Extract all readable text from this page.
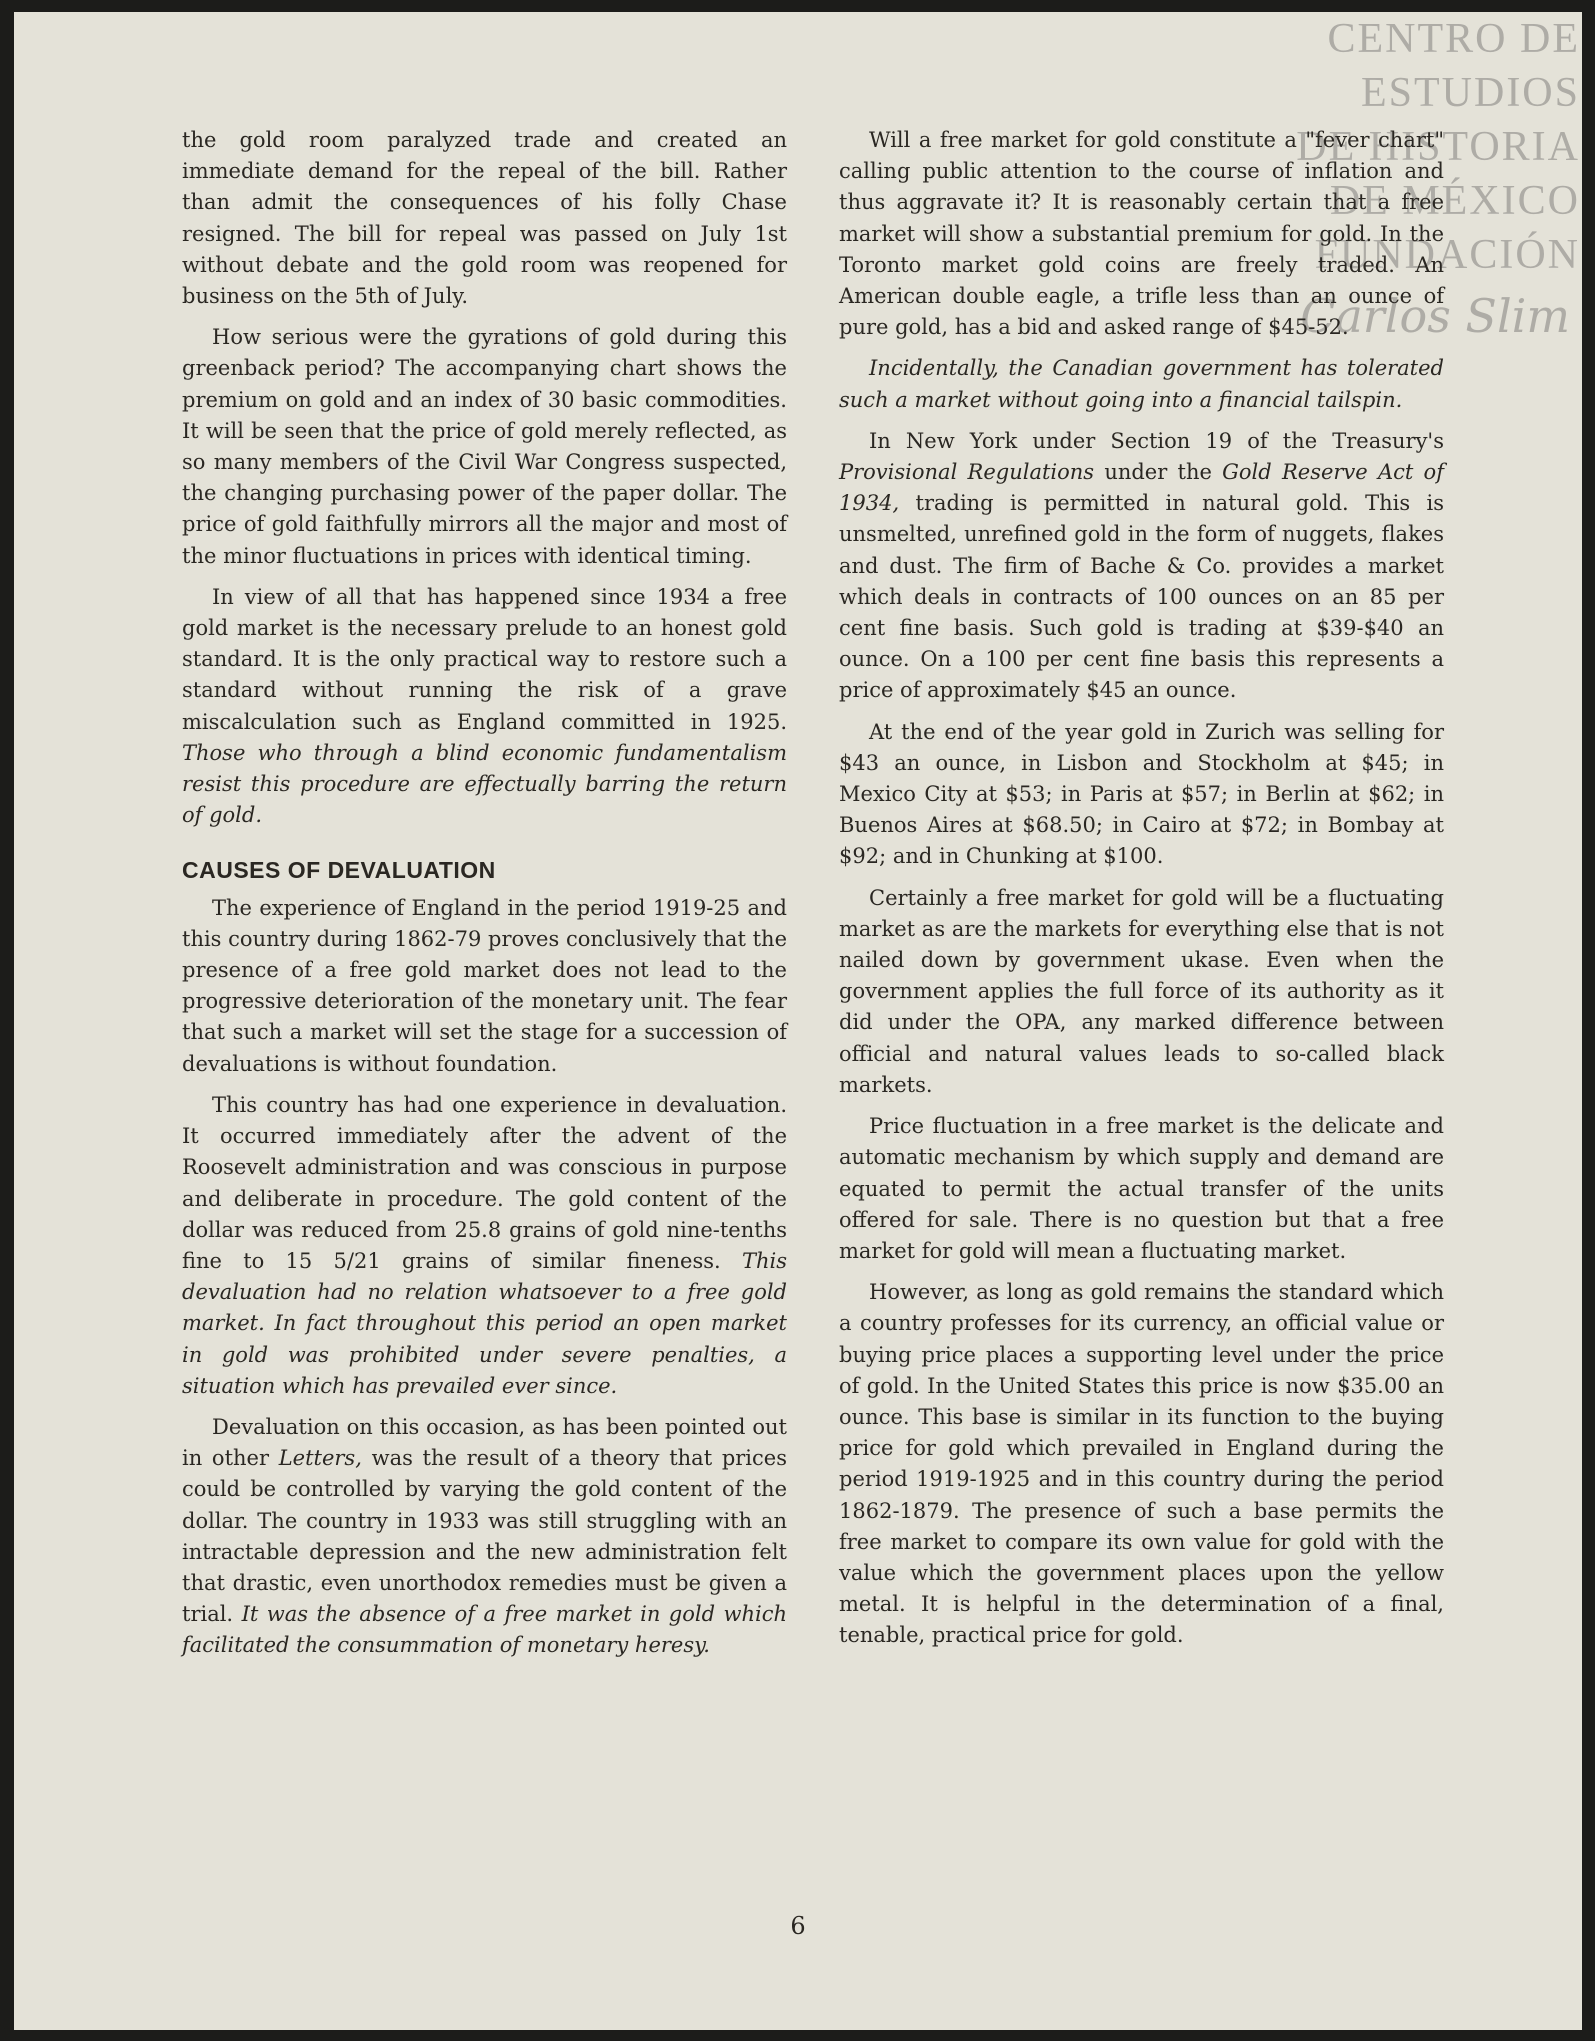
CENTRO DE
ESTUDIOS
DE HISTORIA
DE MÉXICO
FUNDACIÓN
Carlos Slim

the gold room paralyzed trade and created an immediate demand for the repeal of the bill. Rather than admit the consequences of his folly Chase resigned. The bill for repeal was passed on July 1st without debate and the gold room was reopened for business on the 5th of July.

How serious were the gyrations of gold during this greenback period? The accompanying chart shows the premium on gold and an index of 30 basic commodities. It will be seen that the price of gold merely reflected, as so many members of the Civil War Congress suspected, the changing purchasing power of the paper dollar. The price of gold faithfully mirrors all the major and most of the minor fluctuations in prices with identical timing.

In view of all that has happened since 1934 a free gold market is the necessary prelude to an honest gold standard. It is the only practical way to restore such a standard without running the risk of a grave miscalculation such as England committed in 1925. Those who through a blind economic fundamentalism resist this procedure are effectually barring the return of gold.

CAUSES OF DEVALUATION

The experience of England in the period 1919-25 and this country during 1862-79 proves conclusively that the presence of a free gold market does not lead to the progressive deterioration of the monetary unit. The fear that such a market will set the stage for a succession of devaluations is without foundation.

This country has had one experience in devaluation. It occurred immediately after the advent of the Roosevelt administration and was conscious in purpose and deliberate in procedure. The gold content of the dollar was reduced from 25.8 grains of gold nine-tenths fine to 15 5/21 grains of similar fineness. This devaluation had no relation whatsoever to a free gold market. In fact throughout this period an open market in gold was prohibited under severe penalties, a situation which has prevailed ever since.

Devaluation on this occasion, as has been pointed out in other Letters, was the result of a theory that prices could be controlled by varying the gold content of the dollar. The country in 1933 was still struggling with an intractable depression and the new administration felt that drastic, even unorthodox remedies must be given a trial. It was the absence of a free market in gold which facilitated the consummation of monetary heresy.

Will a free market for gold constitute a "fever chart" calling public attention to the course of inflation and thus aggravate it? It is reasonably certain that a free market will show a substantial premium for gold. In the Toronto market gold coins are freely traded. An American double eagle, a trifle less than an ounce of pure gold, has a bid and asked range of $45-52.

Incidentally, the Canadian government has tolerated such a market without going into a financial tailspin.

In New York under Section 19 of the Treasury's Provisional Regulations under the Gold Reserve Act of 1934, trading is permitted in natural gold. This is unsmelted, unrefined gold in the form of nuggets, flakes and dust. The firm of Bache & Co. provides a market which deals in contracts of 100 ounces on an 85 per cent fine basis. Such gold is trading at $39-$40 an ounce. On a 100 per cent fine basis this represents a price of approximately $45 an ounce.

At the end of the year gold in Zurich was selling for $43 an ounce, in Lisbon and Stockholm at $45; in Mexico City at $53; in Paris at $57; in Berlin at $62; in Buenos Aires at $68.50; in Cairo at $72; in Bombay at $92; and in Chunking at $100.

Certainly a free market for gold will be a fluctuating market as are the markets for everything else that is not nailed down by government ukase. Even when the government applies the full force of its authority as it did under the OPA, any marked difference between official and natural values leads to so-called black markets.

Price fluctuation in a free market is the delicate and automatic mechanism by which supply and demand are equated to permit the actual transfer of the units offered for sale. There is no question but that a free market for gold will mean a fluctuating market.

However, as long as gold remains the standard which a country professes for its currency, an official value or buying price places a supporting level under the price of gold. In the United States this price is now $35.00 an ounce. This base is similar in its function to the buying price for gold which prevailed in England during the period 1919-1925 and in this country during the period 1862-1879. The presence of such a base permits the free market to compare its own value for gold with the value which the government places upon the yellow metal. It is helpful in the determination of a final, tenable, practical price for gold.

6
